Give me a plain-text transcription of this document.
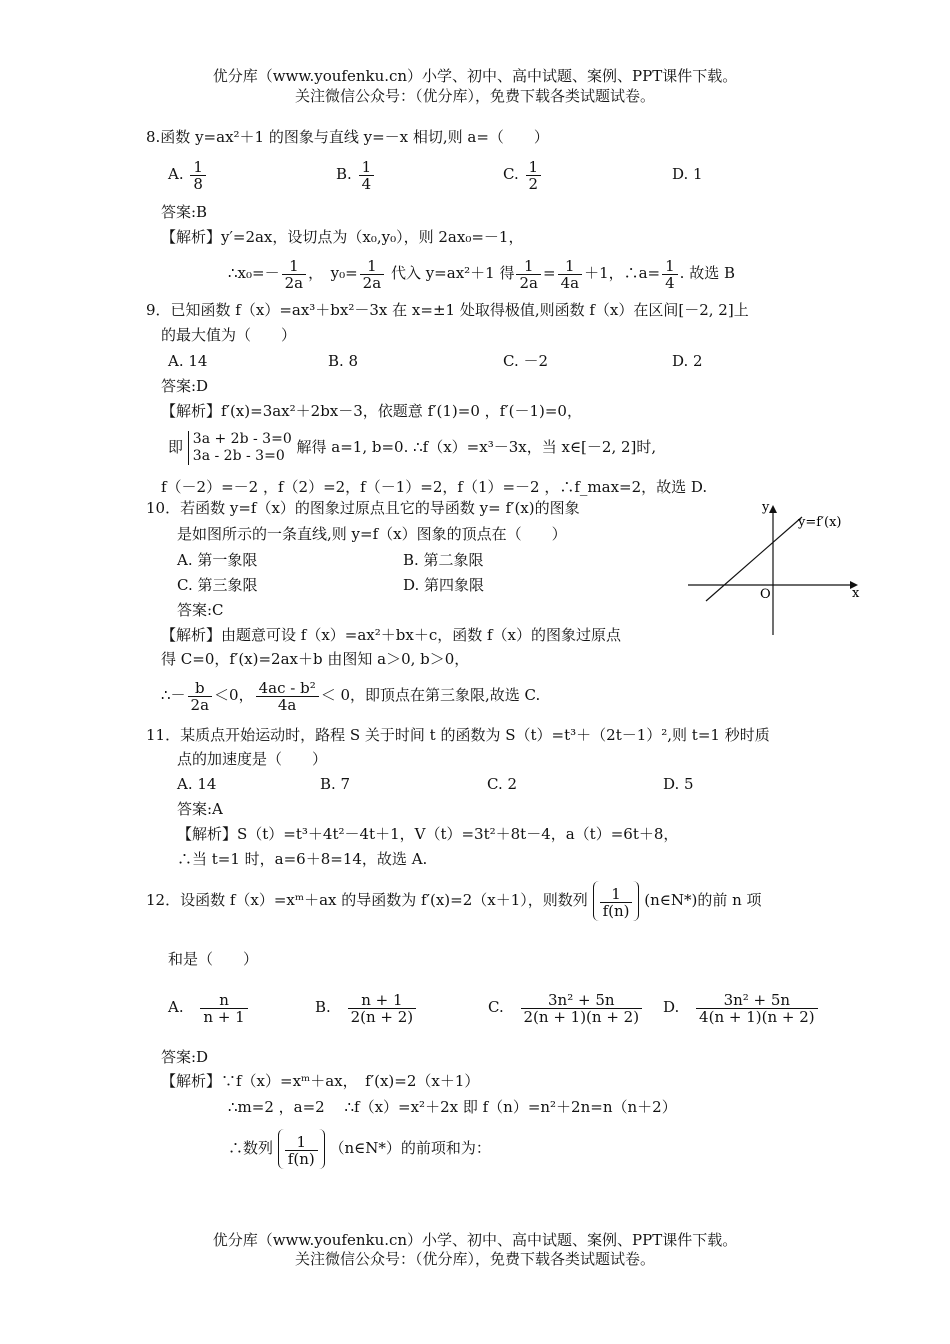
优分库（www.youfenku.cn）小学、初中、高中试题、案例、PPT课件下载。
关注微信公众号：（优分库），免费下载各类试题试卷。
8.函数 y=ax²＋1 的图象与直线 y=－x 相切,则 a=（　　）
A. $\frac{1}{8}$	B. $\frac{1}{4}$	C. $\frac{1}{2}$	D. 1
答案:B
【解析】y′=2ax，设切点为（x₀,y₀），则 2ax₀=－1，
∴x₀=－ $\frac{1}{2a}$ ，　$y_0= \frac{1}{2a}$ 代入 y=ax²＋1 得 $\frac{1}{2a} = \frac{1}{4a} +1$，∴a= $\frac{1}{4}$ . 故选 B
9．已知函数 f（x）=ax³＋bx²－3x 在 x=±1 处取得极值,则函数 f（x）在区间[－2, 2]上
的最大值为（　　）
A. 14	B. 8	C. －2	D. 2
答案:D
【解析】f′(x)=3ax²＋2bx－3，依题意 f′(1)=0 ，f′(－1)=0，
即 3a + 2b - 3=0
3a - 2b - 3=0 解得 a=1, b=0. ∴f（x）=x³－3x，当 x∈[－2, 2]时,
f（－2）=－2 ，f（2）=2，f（－1）=2，f（1）=－2 ，∴f_max=2，故选 D.
10．若函数 y=f（x）的图象过原点且它的导函数 y= f′(x)的图象
是如图所示的一条直线,则 y=f（x）图象的顶点在（　　）
A. 第一象限	B. 第二象限
C. 第三象限	D. 第四象限
答案:C
【解析】由题意可设 f（x）=ax²＋bx＋c，函数 f（x）的图象过原点
得 C=0，f′(x)=2ax＋b 由图知 a＞0, b＞0，
∴－ $\frac{b}{2a} <0$， $\frac{\text{4ac - b²}}{4a} < 0$，即顶点在第三象限,故选 C.
y
x
O
y=f′(x)
11．某质点开始运动时，路程 S 关于时间 t 的函数为 S（t）=t³＋（2t－1）²,则 t=1 秒时质
点的加速度是（　　）
A. 14	B. 7	C. 2	D. 5
答案:A
【解析】S（t）=t³＋4t²－4t＋1，V（t）=3t²＋8t－4，a（t）=6t＋8，
∴当 t=1 时，a=6＋8=14，故选 A.
12．设函数 f（x）=xᵐ＋ax 的导函数为 f′(x)=2（x＋1），则数列 $\frac{1}{f(n)}$ (n∈N*)的前 n 项
和是（　　）
A. $\frac{n}{n + 1}$	B. $\frac{n + 1}{2(n + 2)}$	C. $\frac{\text{3n² + 5n}}{2(n + 1)(n + 2)} D$. $\frac{\text{3n² + 5n}}{4(n + 1)(n + 2)}$
答案:D
【解析】∵f（x）=xᵐ＋ax，　f′(x)=2（x＋1）
∴m=2 ，a=2 　∴f（x）=x²＋2x 即 f（n）=n²＋2n=n（n＋2）
∴数列 $\frac{1}{f(n)}$ （n∈N*）的前项和为：
优分库（www.youfenku.cn）小学、初中、高中试题、案例、PPT课件下载。
关注微信公众号：（优分库），免费下载各类试题试卷。
